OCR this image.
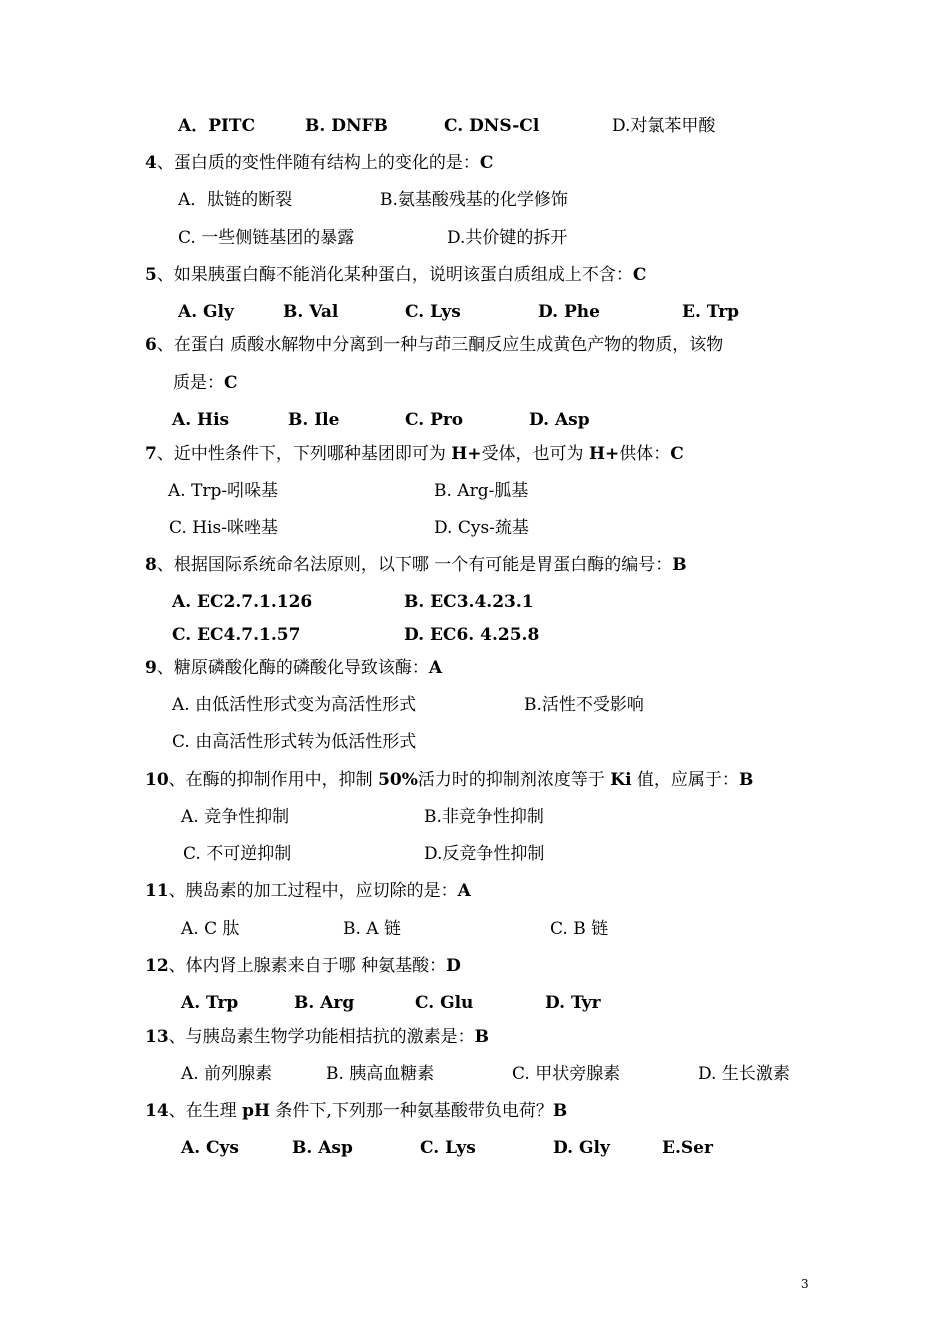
A．PITC	B. DNFB	C. DNS-Cl	D.对氯苯甲酸
4、蛋白质的变性伴随有结构上的变化的是：C
A．肽链的断裂	B.氨基酸残基的化学修饰
C. 一些侧链基团的暴露	D.共价键的拆开
5、如果胰蛋白酶不能消化某种蛋白，说明该蛋白质组成上不含：C
A. Gly	B. Val	C. Lys	D. Phe	E. Trp
6、在蛋白 质酸水解物中分离到一种与茚三酮反应生成黄色产物的物质，该物
质是：C
A. His	B. Ile	C. Pro	D. Asp
7、近中性条件下，下列哪种基团即可为 H+受体，也可为 H+供体：C
A. Trp-吲哚基	B. Arg-胍基
C. His-咪唑基	D. Cys-巯基
8、根据国际系统命名法原则，以下哪 一个有可能是胃蛋白酶的编号：B
A. EC2.7.1.126	B. EC3.4.23.1
C. EC4.7.1.57	D. EC6. 4.25.8
9、糖原磷酸化酶的磷酸化导致该酶：A
A. 由低活性形式变为高活性形式	B.活性不受影响
C. 由高活性形式转为低活性形式
10、在酶的抑制作用中，抑制 50%活力时的抑制剂浓度等于 Ki 值，应属于：B
A. 竞争性抑制	B.非竞争性抑制
C. 不可逆抑制	D.反竞争性抑制
11、胰岛素的加工过程中，应切除的是：A
A. C 肽	B. A 链	C. B 链
12、体内肾上腺素来自于哪 种氨基酸：D
A. Trp	B. Arg	C. Glu	D. Tyr
13、与胰岛素生物学功能相拮抗的激素是：B
A. 前列腺素	B. 胰高血糖素	C. 甲状旁腺素	D. 生长激素
14、在生理 pH 条件下,下列那一种氨基酸带负电荷？B
A. Cys	B. Asp	C. Lys	D. Gly	E.Ser
3
